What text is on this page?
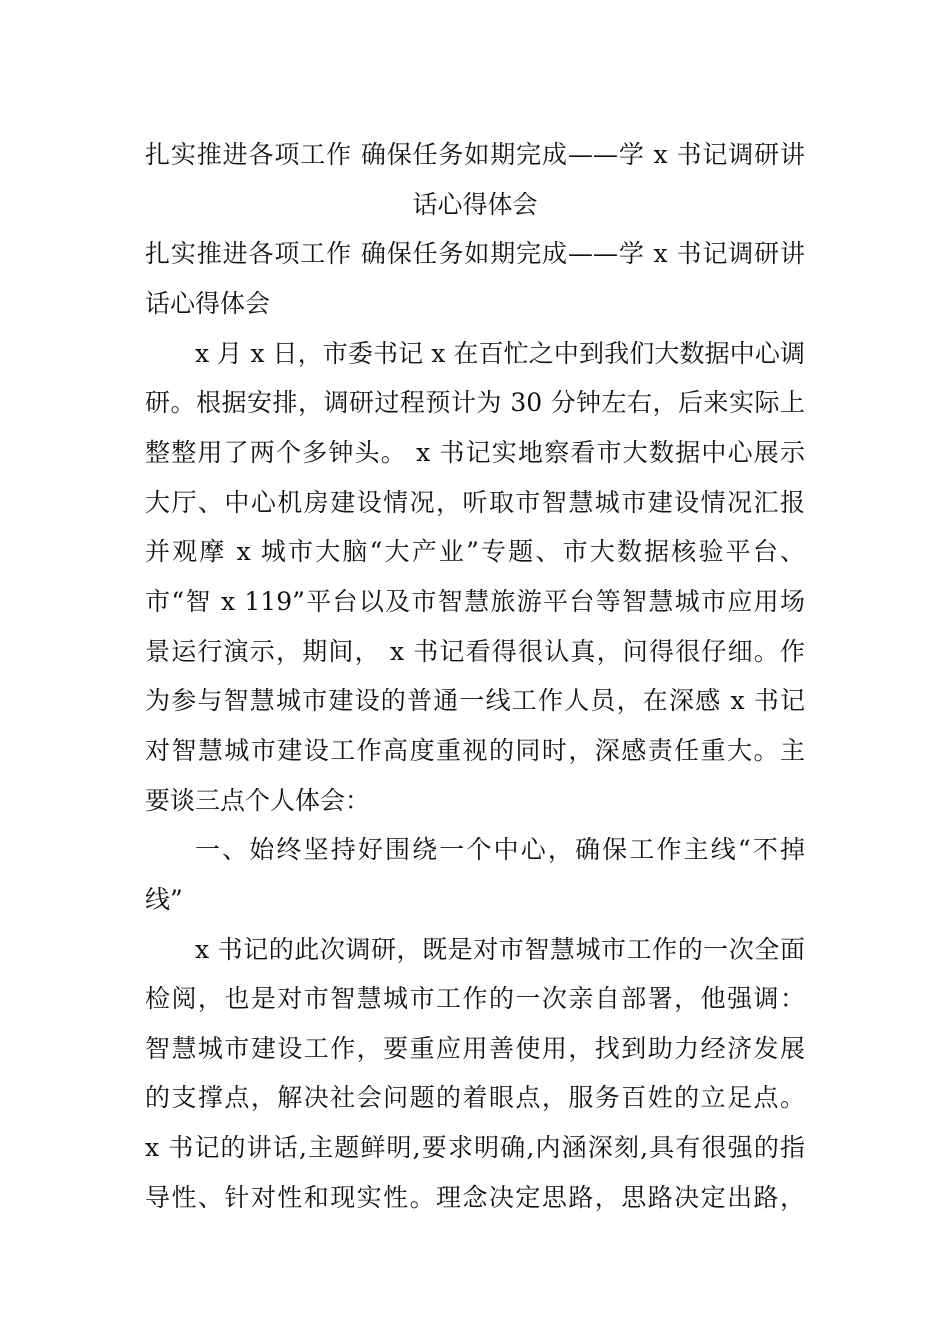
扎实推进各项工作 确保任务如期完成——学 x 书记调研讲
话心得体会
扎实推进各项工作 确保任务如期完成——学 x 书记调研讲
话心得体会
x 月 x 日，市委书记 x 在百忙之中到我们大数据中心调
研。根据安排，调研过程预计为 30 分钟左右，后来实际上
整整用了两个多钟头。 x 书记实地察看市大数据中心展示
大厅、中心机房建设情况，听取市智慧城市建设情况汇报
并观摩 x 城市大脑“大产业”专题、市大数据核验平台、
市“智 x 119”平台以及市智慧旅游平台等智慧城市应用场
景运行演示，期间， x 书记看得很认真，问得很仔细。作
为参与智慧城市建设的普通一线工作人员，在深感 x 书记
对智慧城市建设工作高度重视的同时，深感责任重大。主
要谈三点个人体会：
一、始终坚持好围绕一个中心，确保工作主线“不掉
线”
x 书记的此次调研，既是对市智慧城市工作的一次全面
检阅，也是对市智慧城市工作的一次亲自部署，他强调：
智慧城市建设工作，要重应用善使用，找到助力经济发展
的支撑点，解决社会问题的着眼点，服务百姓的立足点。
x 书记的讲话,主题鲜明,要求明确,内涵深刻,具有很强的指
导性、针对性和现实性。理念决定思路，思路决定出路，
